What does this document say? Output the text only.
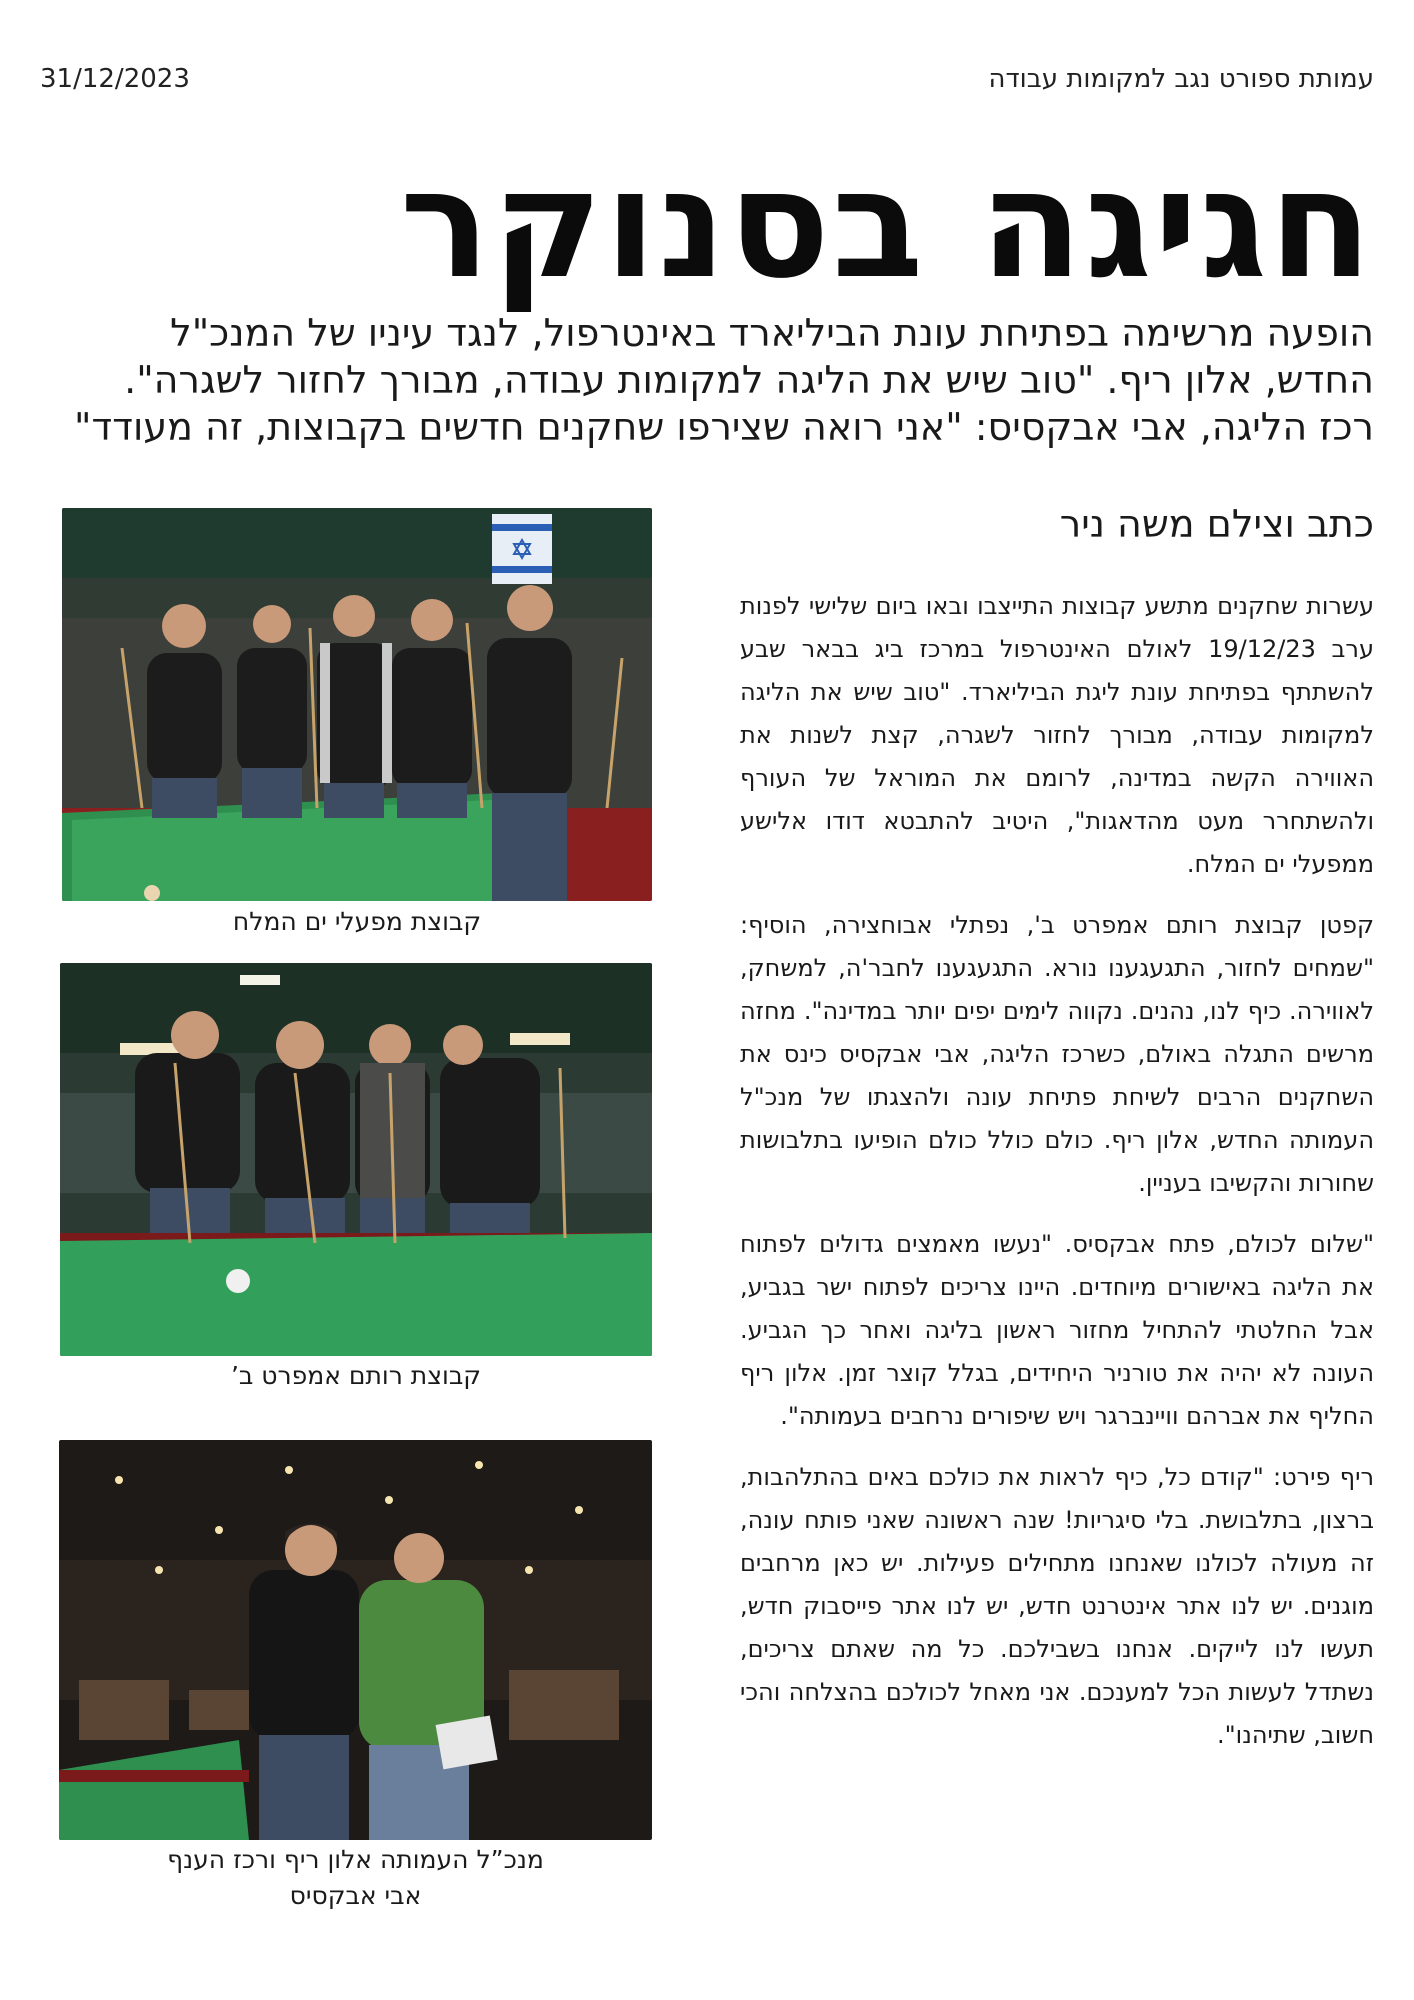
31/12/2023	עמותת ספורט נגב למקומות עבודה
חגיגה בסנוקר

הופעה מרשימה בפתיחת עונת הביליארד באינטרפול, לנגד עיניו של המנכ"ל החדש, אלון ריף. "טוב שיש את הליגה למקומות עבודה, מבורך לחזור לשגרה". רכז הליגה, אבי אבקסיס: "אני רואה שצירפו שחקנים חדשים בקבוצות, זה מעודד"

כתב וצילם משה ניר
קבוצת מפעלי ים המלח
קבוצת רותם אמפרט ב’
מנכ”ל העמותה אלון ריף ורכז הענף
אבי אבקסיס

עשרות שחקנים מתשע קבוצות התייצבו ובאו ביום שלישי לפנות ערב 19/12/23 לאולם האינטרפול במרכז ביג בבאר שבע להשתתף בפתיחת עונת ליגת הביליארד. "טוב שיש את הליגה למקומות עבודה, מבורך לחזור לשגרה, קצת לשנות את האווירה הקשה במדינה, לרומם את המוראל של העורף ולהשתחרר מעט מהדאגות", היטיב להתבטא דודו אלישע ממפעלי ים המלח.

קפטן קבוצת רותם אמפרט ב', נפתלי אבוחצירה, הוסיף: "שמחים לחזור, התגעגענו נורא. התגעגענו לחבר'ה, למשחק, לאווירה. כיף לנו, נהנים. נקווה לימים יפים יותר במדינה". מחזה מרשים התגלה באולם, כשרכז הליגה, אבי אבקסיס כינס את השחקנים הרבים לשיחת פתיחת עונה ולהצגתו של מנכ"ל העמותה החדש, אלון ריף. כולם כולל כולם הופיעו בתלבושות שחורות והקשיבו בעניין.

"שלום לכולם, פתח אבקסיס. "נעשו מאמצים גדולים לפתוח את הליגה באישורים מיוחדים. היינו צריכים לפתוח ישר בגביע, אבל החלטתי להתחיל מחזור ראשון בליגה ואחר כך הגביע. העונה לא יהיה את טורניר היחידים, בגלל קוצר זמן. אלון ריף החליף את אברהם וויינברגר ויש שיפורים נרחבים בעמותה".

ריף פירט: "קודם כל, כיף לראות את כולכם באים בהתלהבות, ברצון, בתלבושת. בלי סיגריות! שנה ראשונה שאני פותח עונה, זה מעולה לכולנו שאנחנו מתחילים פעילות. יש כאן מרחבים מוגנים. יש לנו אתר אינטרנט חדש, יש לנו אתר פייסבוק חדש, תעשו לנו לייקים. אנחנו בשבילכם. כל מה שאתם צריכים, נשתדל לעשות הכל למענכם. אני מאחל לכולכם בהצלחה והכי חשוב, שתיהנו".
